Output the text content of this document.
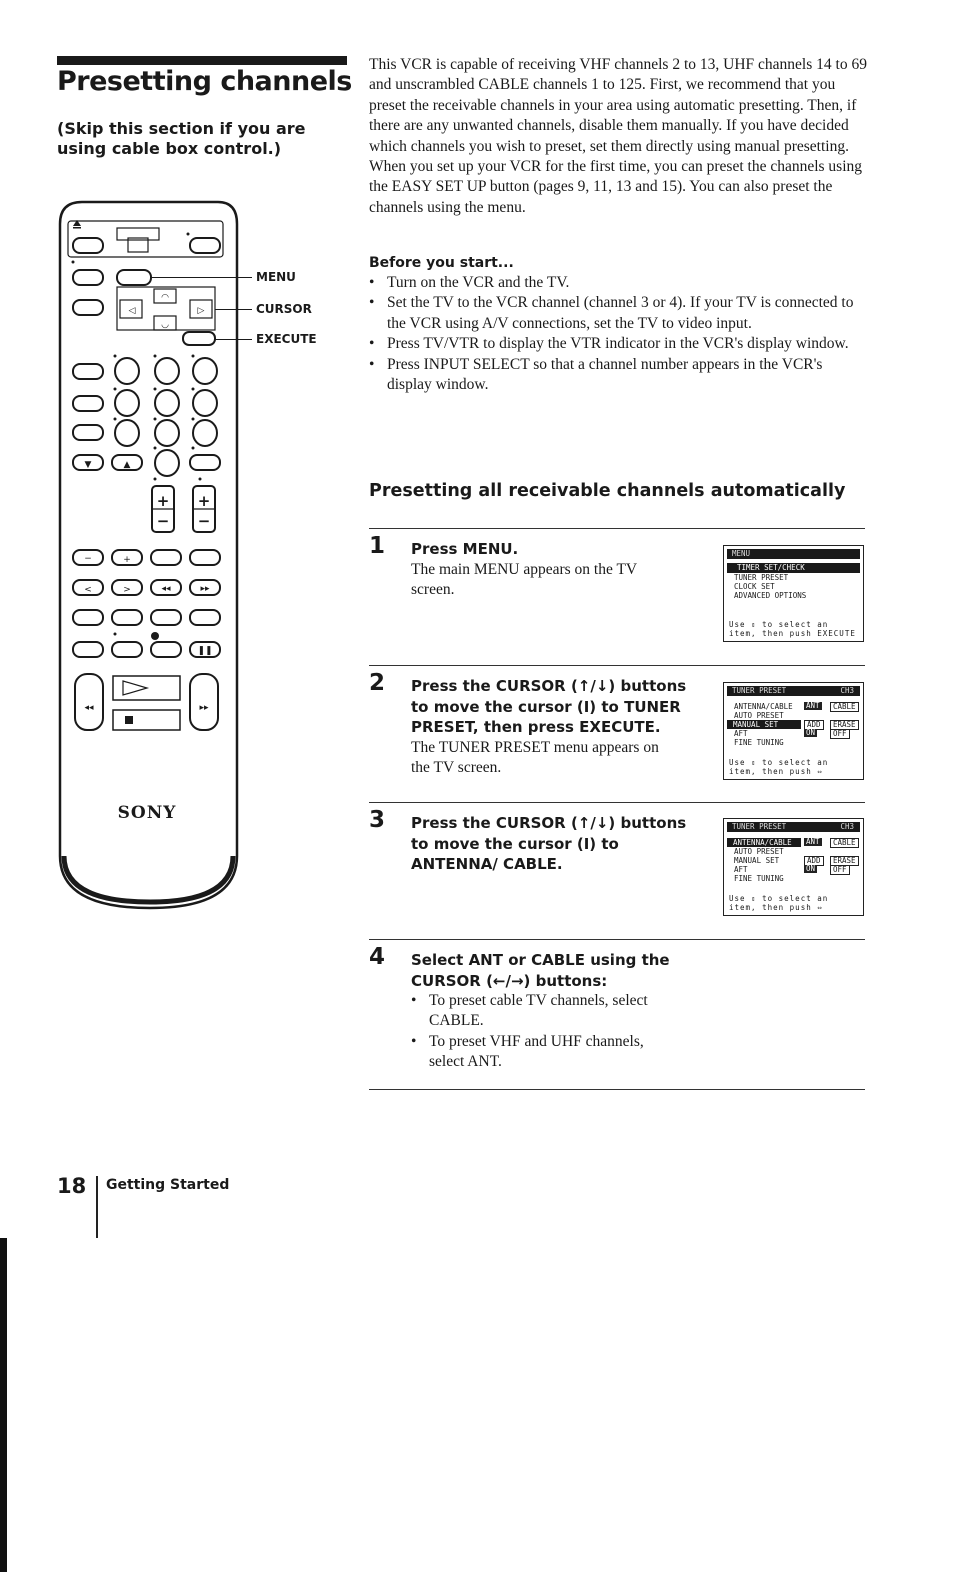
Presetting channels
(Skip this section if you are using cable box control.)
+
−
+
−
−	+
<	>	◂◂	▸▸
▼	▲
❚❚
◂◂	▸▸
◁	▷
◠
◡
SONY
MENU
CURSOR
EXECUTE

This VCR is capable of receiving VHF channels 2 to 13, UHF channels 14 to 69 and unscrambled CABLE channels 1 to 125. First, we recommend that you preset the receivable channels in your area using automatic presetting. Then, if there are any unwanted channels, disable them manually. If you have decided which channels you wish to preset, set them directly using manual presetting.

When you set up your VCR for the first time, you can preset the channels using the EASY SET UP button (pages 9, 11, 13 and 15). You can also preset the channels using the menu.

Before you start...
• Turn on the VCR and the TV.
• Set the TV to the VCR channel (channel 3 or 4). If your TV is connected to the VCR using A/V connections, set the TV to video input.
• Press TV/VTR to display the VTR indicator in the VCR's display window.
• Press INPUT SELECT so that a channel number appears in the VCR's display window.
Presetting all receivable channels automatically
1 Press MENU.
The main MENU appears on the TV screen.
MENU
TIMER SET/CHECK
TUNER PRESET
CLOCK SET
ADVANCED OPTIONS
Use ⇕ to select an
item, then push EXECUTE
2 Press the CURSOR (↑/↓) buttons to move the cursor (I) to TUNER PRESET, then press EXECUTE.
The TUNER PRESET menu appears on the TV screen.
TUNER PRESET	CH3
ANTENNA/CABLE ANT	CABLE
AUTO PRESET
MANUAL SET	ADD	ERASE
AFT	ON	OFF
FINE TUNING
Use ⇕ to select an
item, then push ⇔
3 Press the CURSOR (↑/↓) buttons to move the cursor (I) to ANTENNA/ CABLE.
TUNER PRESET	CH3
ANTENNA/CABLE ANT	CABLE
AUTO PRESET
MANUAL SET	ADD	ERASE
AFT	ON	OFF
FINE TUNING
Use ⇕ to select an
item, then push ⇔
4 Select ANT or CABLE using the CURSOR (←/→) buttons:
• To preset cable TV channels, select CABLE.
• To preset VHF and UHF channels, select ANT.
18 Getting Started
